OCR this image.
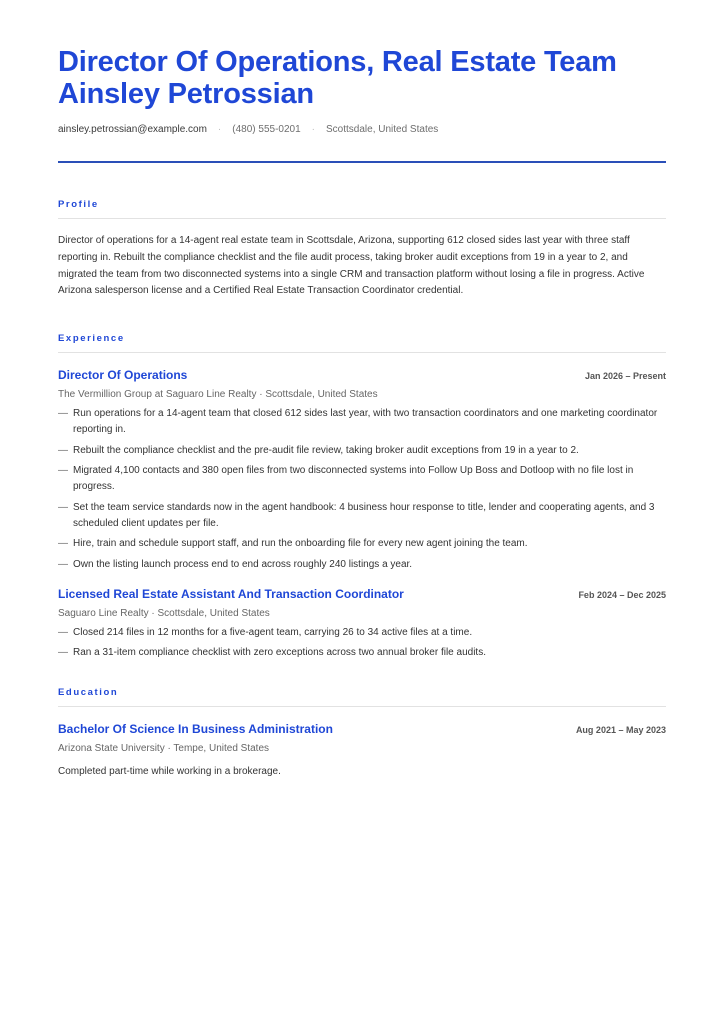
Director Of Operations, Real Estate Team
Ainsley Petrossian
ainsley.petrossian@example.com · (480) 555-0201 · Scottsdale, United States
Profile
Director of operations for a 14-agent real estate team in Scottsdale, Arizona, supporting 612 closed sides last year with three staff reporting in. Rebuilt the compliance checklist and the file audit process, taking broker audit exceptions from 19 in a year to 2, and migrated the team from two disconnected systems into a single CRM and transaction platform without losing a file in progress. Active Arizona salesperson license and a Certified Real Estate Transaction Coordinator credential.
Experience
Director Of Operations	Jan 2026 – Present
The Vermillion Group at Saguaro Line Realty · Scottsdale, United States
— Run operations for a 14-agent team that closed 612 sides last year, with two transaction coordinators and one marketing coordinator reporting in.
— Rebuilt the compliance checklist and the pre-audit file review, taking broker audit exceptions from 19 in a year to 2.
— Migrated 4,100 contacts and 380 open files from two disconnected systems into Follow Up Boss and Dotloop with no file lost in progress.
— Set the team service standards now in the agent handbook: 4 business hour response to title, lender and cooperating agents, and 3 scheduled client updates per file.
— Hire, train and schedule support staff, and run the onboarding file for every new agent joining the team.
— Own the listing launch process end to end across roughly 240 listings a year.
Licensed Real Estate Assistant And Transaction Coordinator	Feb 2024 – Dec 2025
Saguaro Line Realty · Scottsdale, United States
— Closed 214 files in 12 months for a five-agent team, carrying 26 to 34 active files at a time.
— Ran a 31-item compliance checklist with zero exceptions across two annual broker file audits.
Education
Bachelor Of Science In Business Administration	Aug 2021 – May 2023
Arizona State University · Tempe, United States
Completed part-time while working in a brokerage.
